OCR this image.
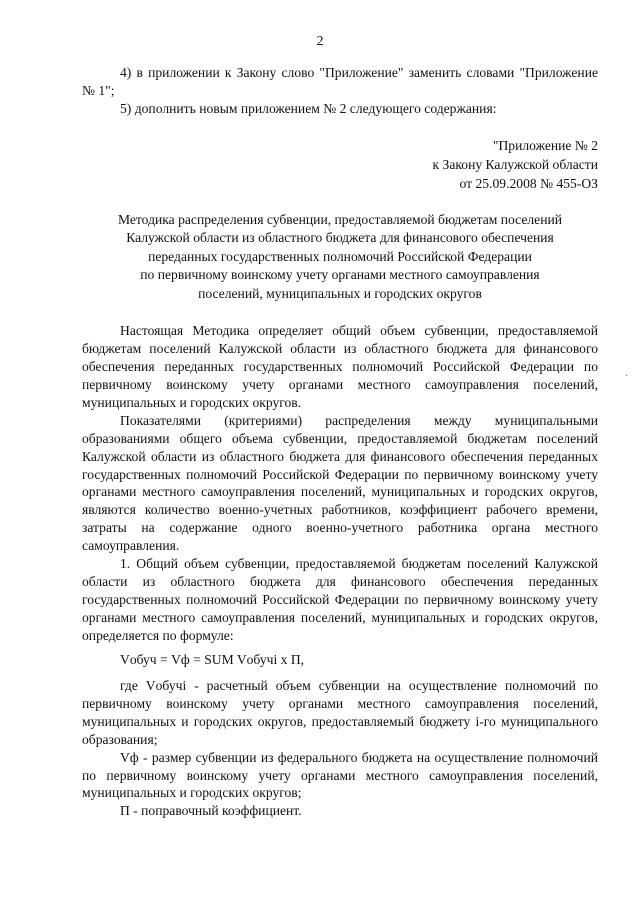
2

4) в приложении к Закону слово "Приложение" заменить словами "Приложение № 1";

5) дополнить новым приложением № 2 следующего содержания:

"Приложение № 2
к Закону Калужской области
от 25.09.2008 № 455-ОЗ
Методика распределения субвенции, предоставляемой бюджетам поселений
Калужской области из областного бюджета для финансового обеспечения
переданных государственных полномочий Российской Федерации
по первичному воинскому учету органами местного самоуправления
поселений, муниципальных и городских округов

Настоящая Методика определяет общий объем субвенции, предоставляемой бюджетам поселений Калужской области из областного бюджета для финансового обеспечения переданных государственных полномочий Российской Федерации по первичному воинскому учету органами местного самоуправления поселений, муниципальных и городских округов.

Показателями (критериями) распределения между муниципальными образованиями общего объема субвенции, предоставляемой бюджетам поселений Калужской области из областного бюджета для финансового обеспечения переданных государственных полномочий Российской Федерации по первичному воинскому учету органами местного самоуправления поселений, муниципальных и городских округов, являются количество военно-учетных работников, коэффициент рабочего времени, затраты на содержание одного военно-учетного работника органа местного самоуправления.

1. Общий объем субвенции, предоставляемой бюджетам поселений Калужской области из областного бюджета для финансового обеспечения переданных государственных полномочий Российской Федерации по первичному воинскому учету органами местного самоуправления поселений, муниципальных и городских округов, определяется по формуле:

Vобуч = Vф = SUM Vобучi x П,

где Vобучi - расчетный объем субвенции на осуществление полномочий по первичному воинскому учету органами местного самоуправления поселений, муниципальных и городских округов, предоставляемый бюджету i-го муниципального образования;

Vф - размер субвенции из федерального бюджета на осуществление полномочий по первичному воинскому учету органами местного самоуправления поселений, муниципальных и городских округов;

П - поправочный коэффициент.

·
